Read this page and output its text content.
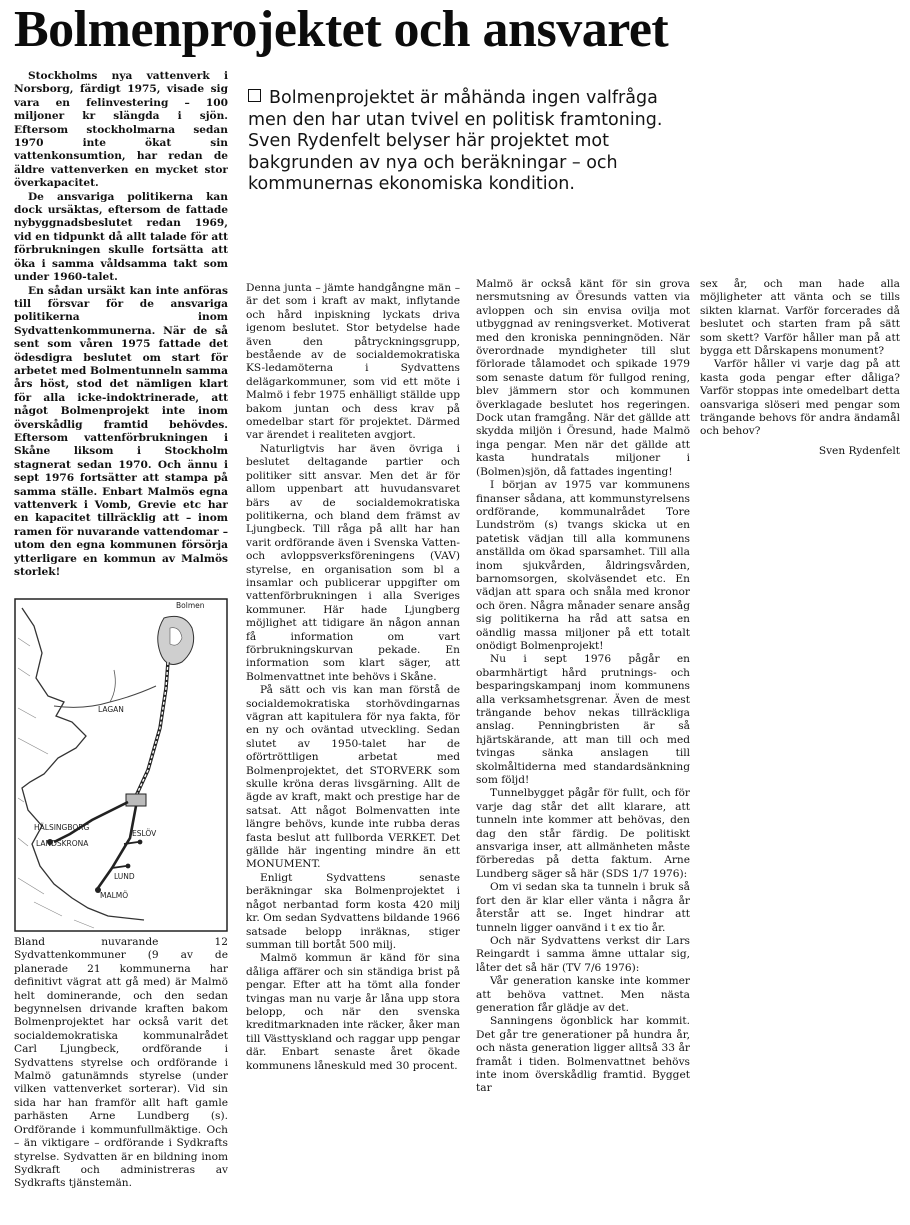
Bolmenprojektet och ansvaret
Bolmenprojektet är måhända ingen valfråga men den har utan tvivel en politisk framtoning. Sven Rydenfelt belyser här projektet mot bakgrunden av nya och beräkningar – och kommunernas ekonomiska kondition.

Stockholms nya vattenverk i Norsborg, färdigt 1975, visade sig vara en felinvestering – 100 miljoner kr slängda i sjön. Eftersom stockholmarna sedan 1970 inte ökat sin vattenkonsumtion, har redan de äldre vattenverken en mycket stor överkapacitet.

De ansvariga politikerna kan dock ursäktas, eftersom de fattade nybyggnadsbeslutet redan 1969, vid en tidpunkt då allt talade för att förbrukningen skulle fortsätta att öka i samma våldsamma takt som under 1960-talet.

En sådan ursäkt kan inte anföras till försvar för de ansvariga politikerna inom Sydvattenkommunerna. När de så sent som våren 1975 fattade det ödesdigra beslutet om start för arbetet med Bolmentunneln samma års höst, stod det nämligen klart för alla icke-indoktrinerade, att något Bolmenprojekt inte inom överskådlig framtid behövdes. Eftersom vattenförbrukningen i Skåne liksom i Stockholm stagnerat sedan 1970. Och ännu i sept 1976 fortsätter att stampa på samma ställe. Enbart Malmös egna vattenverk i Vomb, Grevie etc har en kapacitet tillräcklig att – inom ramen för nuvarande vattendomar – utom den egna kommunen försörja ytterligare en kommun av Malmös storlek!

Bolmen
LAGAN
HÄLSINGBORG
LANDSKRONA
ESLÖV
LUND
MALMÖ

Bland nuvarande 12 Sydvattenkommuner (9 av de planerade 21 kommunerna har definitivt vägrat att gå med) är Malmö helt dominerande, och den sedan begynnelsen drivande kraften bakom Bolmenprojektet har också varit det socialdemokratiska kommunalrådet Carl Ljungbeck, ordförande i Sydvattens styrelse och ordförande i Malmö gatunämnds styrelse (under vilken vattenverket sorterar). Vid sin sida har han framför allt haft gamle parhästen Arne Lundberg (s). Ordförande i kommunfullmäktige. Och – än viktigare – ordförande i Sydkrafts styrelse. Sydvatten är en bildning inom Sydkraft och administreras av Sydkrafts tjänstemän.

Denna junta – jämte handgångne män – är det som i kraft av makt, inflytande och hård inpiskning lyckats driva igenom beslutet. Stor betydelse hade även den påtryckningsgrupp, bestående av de socialdemokratiska KS-ledamöterna i Sydvattens delägarkommuner, som vid ett möte i Malmö i febr 1975 enhälligt ställde upp bakom juntan och dess krav på omedelbar start för projektet. Därmed var ärendet i realiteten avgjort.

Naturligtvis har även övriga i beslutet deltagande partier och politiker sitt ansvar. Men det är för allom uppenbart att huvudansvaret bärs av de socialdemokratiska politikerna, och bland dem främst av Ljungbeck. Till råga på allt har han varit ordförande även i Svenska Vatten- och avloppsverksföreningens (VAV) styrelse, en organisation som bl a insamlar och publicerar uppgifter om vattenförbrukningen i alla Sveriges kommuner. Här hade Ljungberg möjlighet att tidigare än någon annan få information om vart förbrukningskurvan pekade. En information som klart säger, att Bolmenvattnet inte behövs i Skåne.

På sätt och vis kan man förstå de socialdemokratiska storhövdingarnas vägran att kapitulera för nya fakta, för en ny och oväntad utveckling. Sedan slutet av 1950-talet har de oförtröttligen arbetat med Bolmenprojektet, det STORVERK som skulle kröna deras livsgärning. Allt de ägde av kraft, makt och prestige har de satsat. Att något Bolmenvatten inte längre behövs, kunde inte rubba deras fasta beslut att fullborda VERKET. Det gällde här ingenting mindre än ett MONUMENT.

Enligt Sydvattens senaste beräkningar ska Bolmenprojektet i något nerbantad form kosta 420 milj kr. Om sedan Sydvattens bildande 1966 satsade belopp inräknas, stiger summan till bortåt 500 milj.

Malmö kommun är känd för sina dåliga affärer och sin ständiga brist på pengar. Efter att ha tömt alla fonder tvingas man nu varje år låna upp stora belopp, och när den svenska kreditmarknaden inte räcker, åker man till Västtyskland och raggar upp pengar där. Enbart senaste året ökade kommunens låneskuld med 30 procent.

Malmö är också känt för sin grova nersmutsning av Öresunds vatten via avloppen och sin envisa ovilja mot utbyggnad av reningsverket. Motiverat med den kroniska penningnöden. När överordnade myndigheter till slut förlorade tålamodet och spikade 1979 som senaste datum för fullgod rening, blev jämmern stor och kommunen överklagade beslutet hos regeringen. Dock utan framgång. När det gällde att skydda miljön i Öresund, hade Malmö inga pengar. Men när det gällde att kasta hundratals miljoner i (Bolmen)sjön, då fattades ingenting!

I början av 1975 var kommunens finanser sådana, att kommunstyrelsens ordförande, kommunalrådet Tore Lundström (s) tvangs skicka ut en patetisk vädjan till alla kommunens anställda om ökad sparsamhet. Till alla inom sjukvården, åldringsvården, barnomsorgen, skolväsendet etc. En vädjan att spara och snåla med kronor och ören. Några månader senare ansåg sig politikerna ha råd att satsa en oändlig massa miljoner på ett totalt onödigt Bolmenprojekt!

Nu i sept 1976 pågår en obarmhärtigt hård prutnings- och besparingskampanj inom kommunens alla verksamhetsgrenar. Även de mest trängande behov nekas tillräckliga anslag. Penningbristen är så hjärtskärande, att man till och med tvingas sänka anslagen till skolmåltiderna med standardsänkning som följd!

Tunnelbygget pågår för fullt, och för varje dag står det allt klarare, att tunneln inte kommer att behövas, den dag den står färdig. De politiskt ansvariga inser, att allmänheten måste förberedas på detta faktum. Arne Lundberg säger så här (SDS 1/7 1976):

Om vi sedan ska ta tunneln i bruk så fort den är klar eller vänta i några år återstår att se. Inget hindrar att tunneln ligger oanvänd i t ex tio år.

Och när Sydvattens verkst dir Lars Reingardt i samma ämne uttalar sig, låter det så här (TV 7/6 1976):

Vår generation kanske inte kommer att behöva vattnet. Men nästa generation får glädje av det.

Sanningens ögonblick har kommit. Det går tre generationer på hundra år, och nästa generation ligger alltså 33 år framåt i tiden. Bolmenvattnet behövs inte inom överskådlig framtid. Bygget tar

sex år, och man hade alla möjligheter att vänta och se tills sikten klarnat. Varför forcerades då beslutet och starten fram på sätt som skett? Varför håller man på att bygga ett Dårskapens monument?

Varför håller vi varje dag på att kasta goda pengar efter dåliga? Varför stoppas inte omedelbart detta oansvariga slöseri med pengar som trängande behovs för andra ändamål och behov?

Sven Rydenfelt
